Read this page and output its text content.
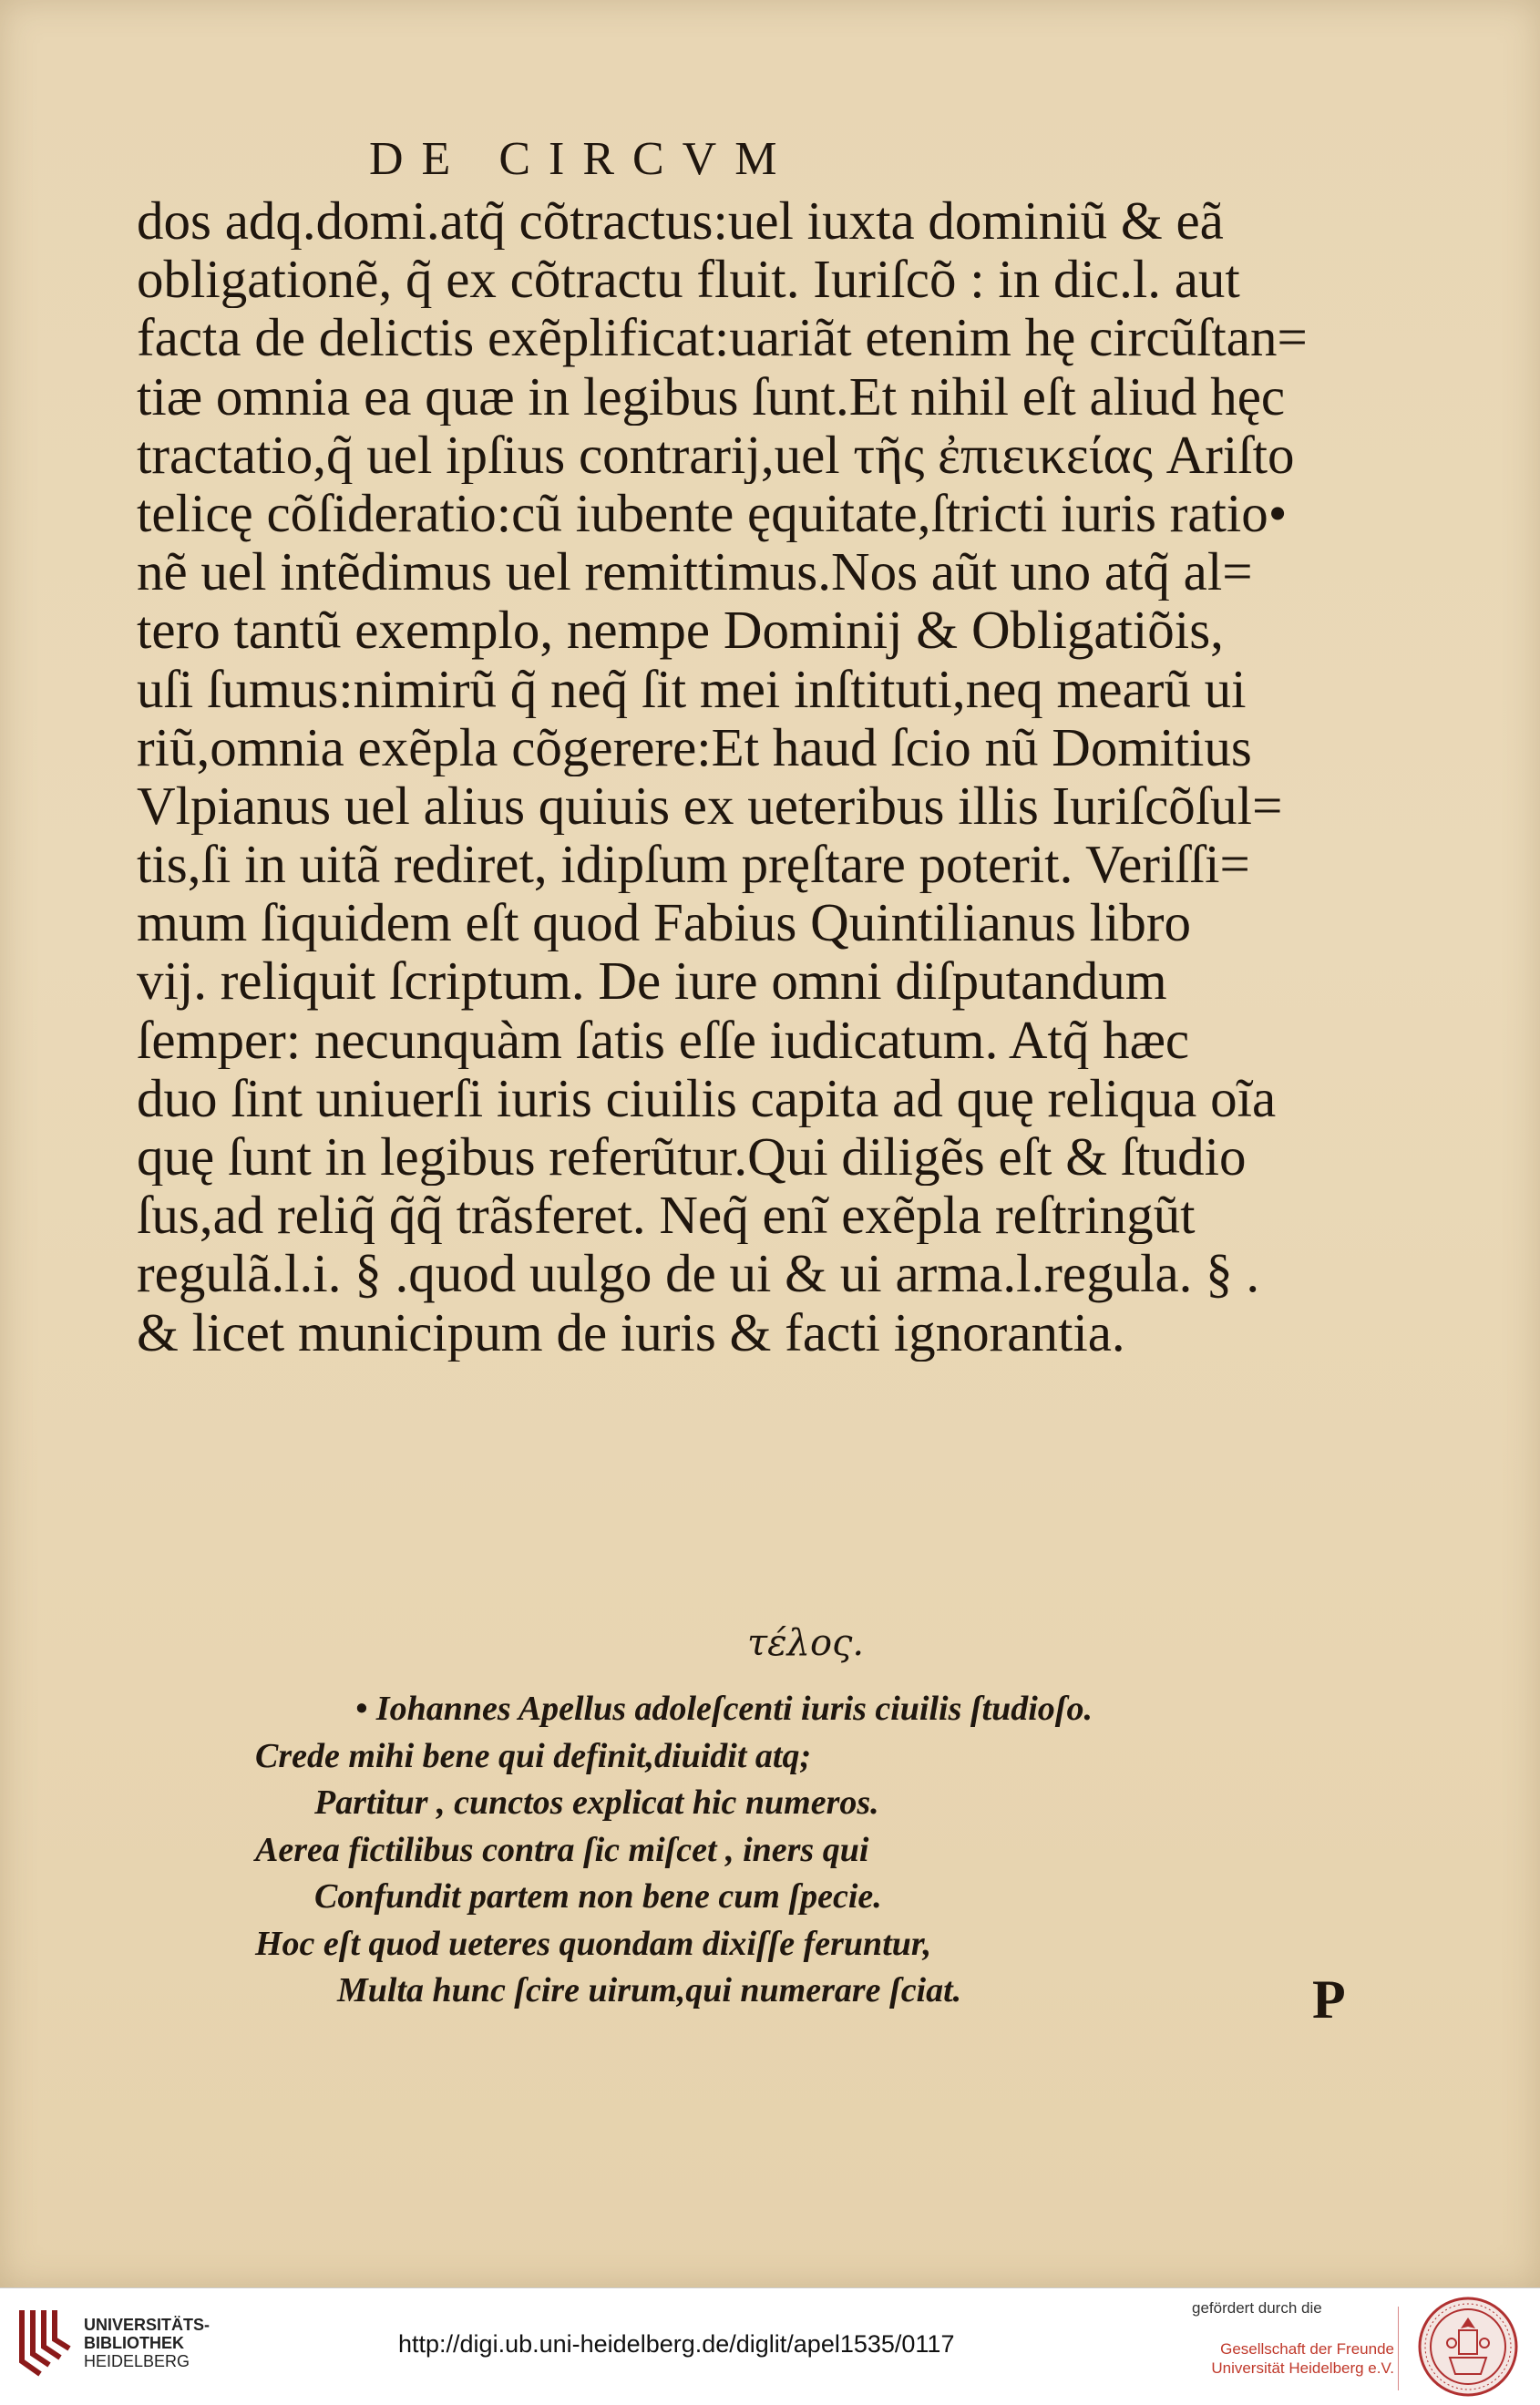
DE CIRCVM
dos adq.domi.atq̃ cõtractus:uel iuxta dominiũ & eã
obligationẽ, q̃ ex cõtractu fluit. Iuriſcõ : in dic.l. aut
facta de delictis exẽplificat:uariãt etenim hę circũſtan=
tiæ omnia ea quæ in legibus ſunt.Et nihil eſt aliud hęc
tractatio,q̃ uel ipſius contrarij,uel τῆς ἐπιεικείας Ariſto
telicę cõſideratio:cũ iubente ęquitate,ſtricti iuris ratio•
nẽ uel intẽdimus uel remittimus.Nos aũt uno atq̃ al=
tero tantũ exemplo, nempe Dominij & Obligatiõis,
uſi ſumus:nimirũ q̃ neq̃ ſit mei inſtituti,neq mearũ ui
riũ,omnia exẽpla cõgerere:Et haud ſcio nũ Domitius
Vlpianus uel alius quiuis ex ueteribus illis Iuriſcõſul=
tis,ſi in uitã rediret, idipſum pręſtare poterit. Veriſſi=
mum ſiquidem eſt quod Fabius Quintilianus libro
vij. reliquit ſcriptum. De iure omni diſputandum
ſemper: necunquàm ſatis eſſe iudicatum. Atq̃ hæc
duo ſint uniuerſi iuris ciuilis capita ad quę reliqua oĩa
quę ſunt in legibus referũtur.Qui diligẽs eſt & ſtudio
ſus,ad reliq̃ q̃q̃ trãsferet. Neq̃ enĩ exẽpla reſtringũt
regulã.l.i. § .quod uulgo de ui & ui arma.l.regula. § .
& licet municipum de iuris & facti ignorantia.
τέλος.
• Iohannes Apellus adoleſcenti iuris ciuilis ſtudioſo.
Crede mihi bene qui definit,diuidit atq;
Partitur , cunctos explicat hic numeros.
Aerea fictilibus contra ſic miſcet , iners qui
Confundit partem non bene cum ſpecie.
Hoc eſt quod ueteres quondam dixiſſe feruntur,
Multa hunc ſcire uirum,qui numerare ſciat.	P
UNIVERSITÄTS-
BIBLIOTHEK
HEIDELBERG
http://digi.ub.uni-heidelberg.de/diglit/apel1535/0117
gefördert durch die
Gesellschaft der Freunde
Universität Heidelberg e.V.
